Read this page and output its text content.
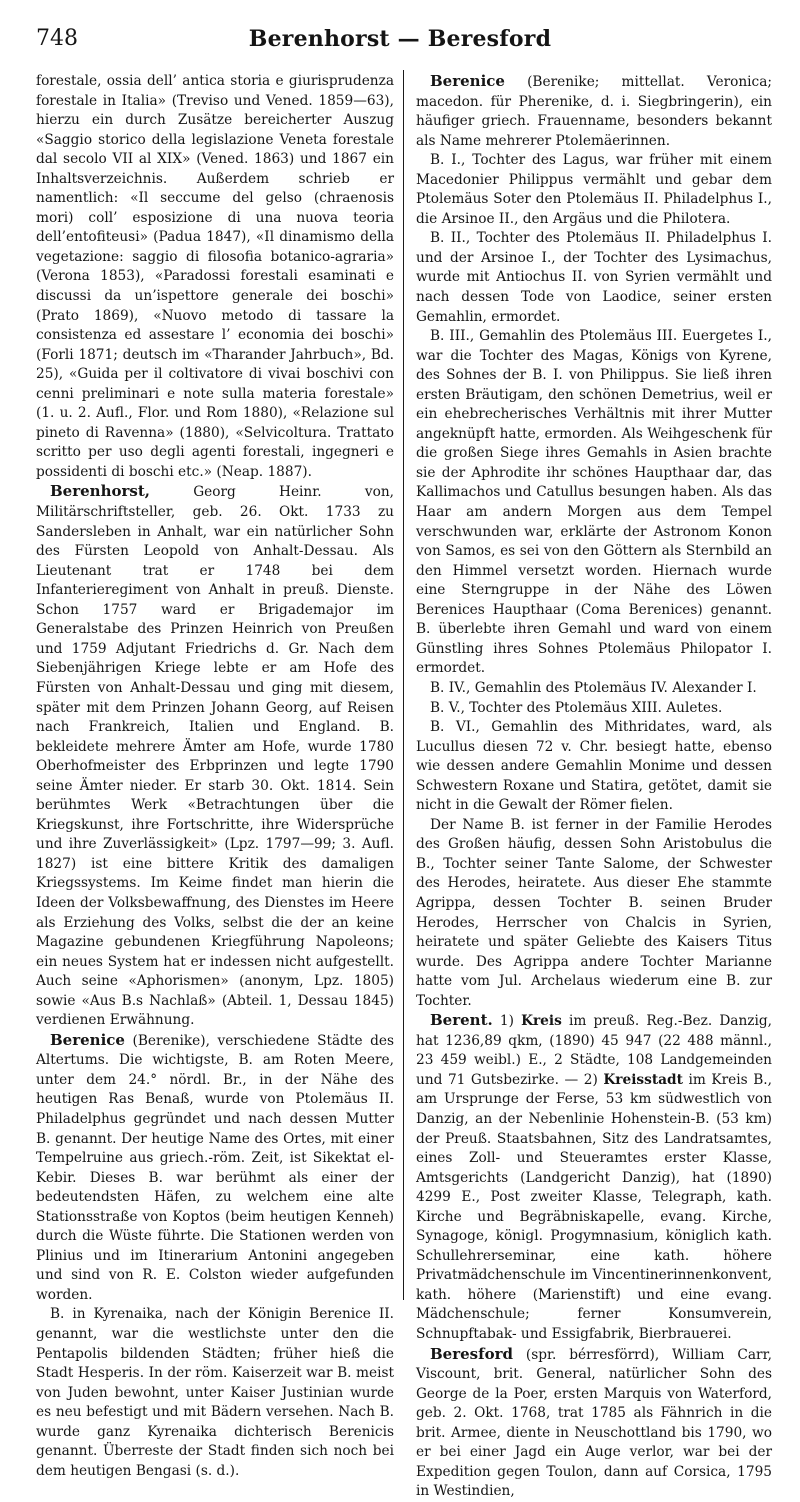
748	Berenhorst — Beresford

forestale, ossia dell’ antica storia e giurisprudenza forestale in Italia» (Treviso und Vened. 1859—63), hierzu ein durch Zusätze bereicherter Auszug «Saggio storico della legislazione Veneta forestale dal secolo VII al XIX» (Vened. 1863) und 1867 ein Inhaltsverzeichnis. Außerdem schrieb er namentlich: «Il seccume del gelso (chraenosis mori) coll’ esposizione di una nuova teoria dell’entofiteusi» (Padua 1847), «Il dinamismo della vegetazione: saggio di filosofia botanico-agraria» (Verona 1853), «Paradossi forestali esaminati e discussi da un’ispettore generale dei boschi» (Prato 1869), «Nuovo metodo di tassare la consistenza ed assestare l’ economia dei boschi» (Forli 1871; deutsch im «Tharander Jahrbuch», Bd. 25), «Guida per il coltivatore di vivai boschivi con cenni preliminari e note sulla materia forestale» (1. u. 2. Aufl., Flor. und Rom 1880), «Relazione sul pineto di Ravenna» (1880), «Selvicoltura. Trattato scritto per uso degli agenti forestali, ingegneri e possidenti di boschi etc.» (Neap. 1887).

Berenhorst, Georg Heinr. von, Militärschriftsteller, geb. 26. Okt. 1733 zu Sandersleben in Anhalt, war ein natürlicher Sohn des Fürsten Leopold von Anhalt-Dessau. Als Lieutenant trat er 1748 bei dem Infanterieregiment von Anhalt in preuß. Dienste. Schon 1757 ward er Brigademajor im Generalstabe des Prinzen Heinrich von Preußen und 1759 Adjutant Friedrichs d. Gr. Nach dem Siebenjährigen Kriege lebte er am Hofe des Fürsten von Anhalt-Dessau und ging mit diesem, später mit dem Prinzen Johann Georg, auf Reisen nach Frankreich, Italien und England. B. bekleidete mehrere Ämter am Hofe, wurde 1780 Oberhofmeister des Erbprinzen und legte 1790 seine Ämter nieder. Er starb 30. Okt. 1814. Sein berühmtes Werk «Betrachtungen über die Kriegskunst, ihre Fortschritte, ihre Widersprüche und ihre Zuverlässigkeit» (Lpz. 1797—99; 3. Aufl. 1827) ist eine bittere Kritik des damaligen Kriegssystems. Im Keime findet man hierin die Ideen der Volksbewaffnung, des Dienstes im Heere als Erziehung des Volks, selbst die der an keine Magazine gebundenen Kriegführung Napoleons; ein neues System hat er indessen nicht aufgestellt. Auch seine «Aphorismen» (anonym, Lpz. 1805) sowie «Aus B.s Nachlaß» (Abteil. 1, Dessau 1845) verdienen Erwähnung.

Berenice (Berenike), verschiedene Städte des Altertums. Die wichtigste, B. am Roten Meere, unter dem 24.° nördl. Br., in der Nähe des heutigen Ras Benaß, wurde von Ptolemäus II. Philadelphus gegründet und nach dessen Mutter B. genannt. Der heutige Name des Ortes, mit einer Tempelruine aus griech.-röm. Zeit, ist Sikektat el-Kebir. Dieses B. war berühmt als einer der bedeutendsten Häfen, zu welchem eine alte Stationsstraße von Koptos (beim heutigen Kenneh) durch die Wüste führte. Die Stationen werden von Plinius und im Itinerarium Antonini angegeben und sind von R. E. Colston wieder aufgefunden worden.

B. in Kyrenaika, nach der Königin Berenice II. genannt, war die westlichste unter den die Pentapolis bildenden Städten; früher hieß die Stadt Hesperis. In der röm. Kaiserzeit war B. meist von Juden bewohnt, unter Kaiser Justinian wurde es neu befestigt und mit Bädern versehen. Nach B. wurde ganz Kyrenaika dichterisch Berenicis genannt. Überreste der Stadt finden sich noch bei dem heutigen Bengasi (s. d.).

Berenice (Berenike; mittellat. Veronica; macedon. für Pherenike, d. i. Siegbringerin), ein häufiger griech. Frauenname, besonders bekannt als Name mehrerer Ptolemäerinnen.

B. I., Tochter des Lagus, war früher mit einem Macedonier Philippus vermählt und gebar dem Ptolemäus Soter den Ptolemäus II. Philadelphus I., die Arsinoe II., den Argäus und die Philotera.

B. II., Tochter des Ptolemäus II. Philadelphus I. und der Arsinoe I., der Tochter des Lysimachus, wurde mit Antiochus II. von Syrien vermählt und nach dessen Tode von Laodice, seiner ersten Gemahlin, ermordet.

B. III., Gemahlin des Ptolemäus III. Euergetes I., war die Tochter des Magas, Königs von Kyrene, des Sohnes der B. I. von Philippus. Sie ließ ihren ersten Bräutigam, den schönen Demetrius, weil er ein ehebrecherisches Verhältnis mit ihrer Mutter angeknüpft hatte, ermorden. Als Weihgeschenk für die großen Siege ihres Gemahls in Asien brachte sie der Aphrodite ihr schönes Haupthaar dar, das Kallimachos und Catullus besungen haben. Als das Haar am andern Morgen aus dem Tempel verschwunden war, erklärte der Astronom Konon von Samos, es sei von den Göttern als Sternbild an den Himmel versetzt worden. Hiernach wurde eine Sterngruppe in der Nähe des Löwen Berenices Haupthaar (Coma Berenices) genannt. B. überlebte ihren Gemahl und ward von einem Günstling ihres Sohnes Ptolemäus Philopator I. ermordet.

B. IV., Gemahlin des Ptolemäus IV. Alexander I.

B. V., Tochter des Ptolemäus XIII. Auletes.

B. VI., Gemahlin des Mithridates, ward, als Lucullus diesen 72 v. Chr. besiegt hatte, ebenso wie dessen andere Gemahlin Monime und dessen Schwestern Roxane und Statira, getötet, damit sie nicht in die Gewalt der Römer fielen.

Der Name B. ist ferner in der Familie Herodes des Großen häufig, dessen Sohn Aristobulus die B., Tochter seiner Tante Salome, der Schwester des Herodes, heiratete. Aus dieser Ehe stammte Agrippa, dessen Tochter B. seinen Bruder Herodes, Herrscher von Chalcis in Syrien, heiratete und später Geliebte des Kaisers Titus wurde. Des Agrippa andere Tochter Marianne hatte vom Jul. Archelaus wiederum eine B. zur Tochter.

Berent. 1) Kreis im preuß. Reg.-Bez. Danzig, hat 1236,89 qkm, (1890) 45 947 (22 488 männl., 23 459 weibl.) E., 2 Städte, 108 Landgemeinden und 71 Gutsbezirke. — 2) Kreisstadt im Kreis B., am Ursprunge der Ferse, 53 km südwestlich von Danzig, an der Nebenlinie Hohenstein-B. (53 km) der Preuß. Staatsbahnen, Sitz des Landratsamtes, eines Zoll- und Steueramtes erster Klasse, Amtsgerichts (Landgericht Danzig), hat (1890) 4299 E., Post zweiter Klasse, Telegraph, kath. Kirche und Begräbniskapelle, evang. Kirche, Synagoge, königl. Progymnasium, königlich kath. Schullehrerseminar, eine kath. höhere Privatmädchenschule im Vincentinerinnenkonvent, kath. höhere (Marienstift) und eine evang. Mädchenschule; ferner Konsumverein, Schnupftabak- und Essigfabrik, Bierbrauerei.

Beresford (spr. bérresförrd), William Carr, Viscount, brit. General, natürlicher Sohn des George de la Poer, ersten Marquis von Waterford, geb. 2. Okt. 1768, trat 1785 als Fähnrich in die brit. Armee, diente in Neuschottland bis 1790, wo er bei einer Jagd ein Auge verlor, war bei der Expedition gegen Toulon, dann auf Corsica, 1795 in Westindien,
